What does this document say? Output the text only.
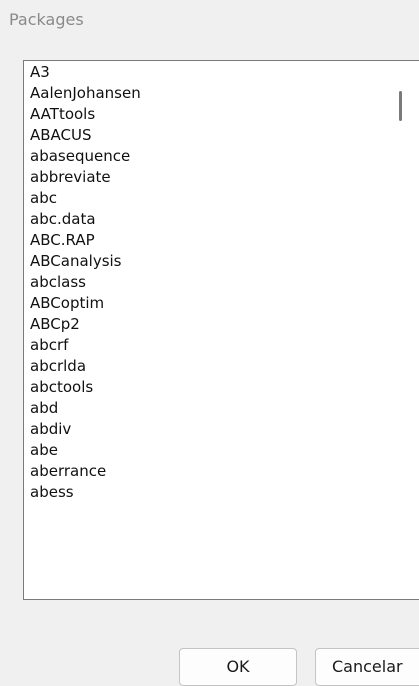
Packages
A3
AalenJohansen
AATtools
ABACUS
abasequence
abbreviate
abc
abc.data
ABC.RAP
ABCanalysis
abclass
ABCoptim
ABCp2
abcrf
abcrlda
abctools
abd
abdiv
abe
aberrance
abess
OK	Cancelar
